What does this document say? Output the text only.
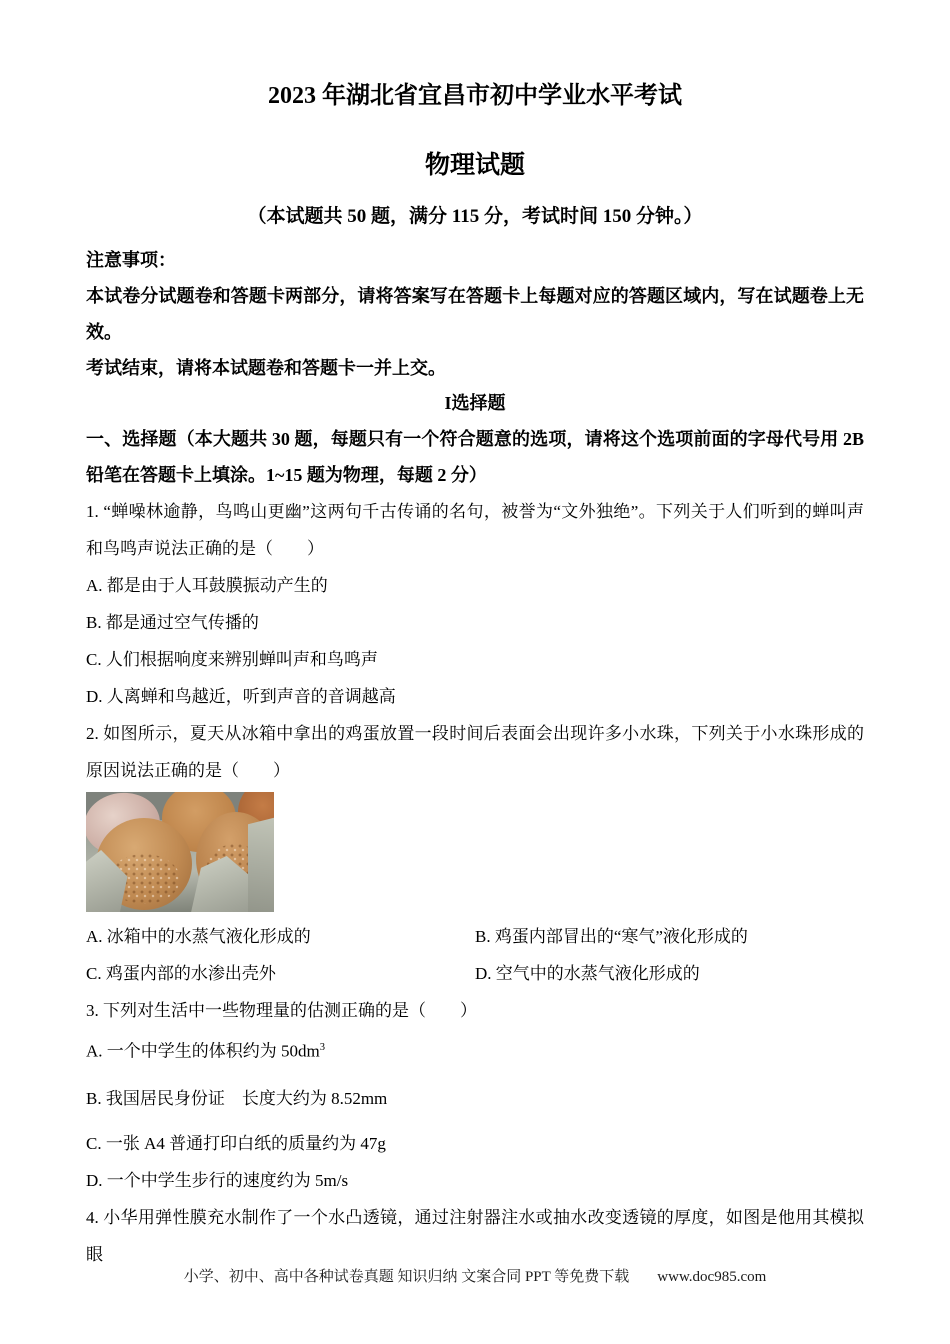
2023 年湖北省宜昌市初中学业水平考试
物理试题

（本试题共 50 题，满分 115 分，考试时间 150 分钟。）

注意事项：

本试卷分试题卷和答题卡两部分，请将答案写在答题卡上每题对应的答题区域内，写在试题卷上无效。

考试结束，请将本试题卷和答题卡一并上交。

I选择题

一、选择题（本大题共 30 题，每题只有一个符合题意的选项，请将这个选项前面的字母代号用 2B 铅笔在答题卡上填涂。1~15 题为物理，每题 2 分）

1. “蝉噪林逾静，鸟鸣山更幽”这两句千古传诵的名句，被誉为“文外独绝”。下列关于人们听到的蝉叫声和鸟鸣声说法正确的是（　　）

A. 都是由于人耳鼓膜振动产生的

B. 都是通过空气传播的

C. 人们根据响度来辨别蝉叫声和鸟鸣声

D. 人离蝉和鸟越近，听到声音的音调越高

2. 如图所示，夏天从冰箱中拿出的鸡蛋放置一段时间后表面会出现许多小水珠，下列关于小水珠形成的原因说法正确的是（　　）

A. 冰箱中的水蒸气液化形成的	B. 鸡蛋内部冒出的“寒气”液化形成的

C. 鸡蛋内部的水渗出壳外	D. 空气中的水蒸气液化形成的

3. 下列对生活中一些物理量的估测正确的是（　　）

A. 一个中学生的体积约为 $50dm^3$

B. 我国居民身份证　长度大约为 8.52mm

C. 一张 A4 普通打印白纸的质量约为 47g

D. 一个中学生步行的速度约为 5m/s

4. 小华用弹性膜充水制作了一个水凸透镜，通过注射器注水或抽水改变透镜的厚度，如图是他用其模拟眼

小学、初中、高中各种试卷真题 知识归纳 文案合同 PPT 等免费下载 www.doc985.com
